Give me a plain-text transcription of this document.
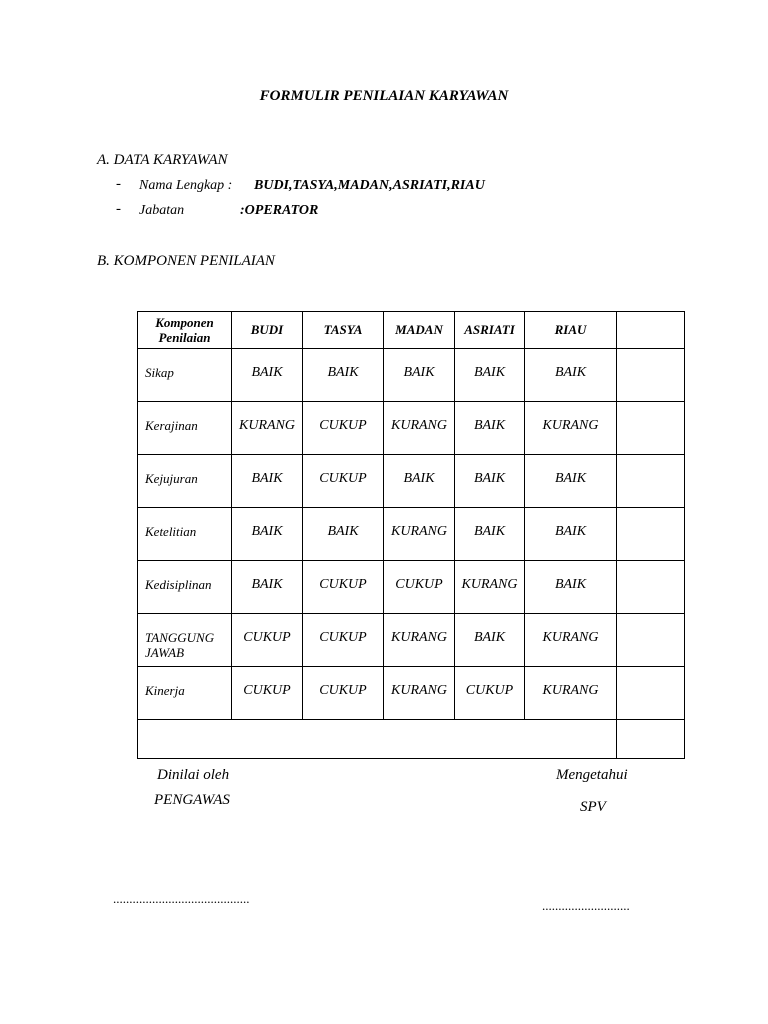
FORMULIR PENILAIAN KARYAWAN
A. DATA KARYAWAN
- Nama Lengkap : BUDI,TASYA,MADAN,ASRIATI,RIAU
- Jabatan	:OPERATOR
B. KOMPONEN PENILAIAN
Komponen
Penilaian	BUDI	TASYA	MADAN	ASRIATI	RIAU	
Sikap	BAIK	BAIK	BAIK	BAIK	BAIK	
Kerajinan	KURANG	CUKUP	KURANG	BAIK	KURANG	
Kejujuran	BAIK	CUKUP	BAIK	BAIK	BAIK	
Ketelitian	BAIK	BAIK	KURANG	BAIK	BAIK	
Kedisiplinan	BAIK	CUKUP	CUKUP	KURANG	BAIK	
TANGGUNG JAWAB	CUKUP	CUKUP	KURANG	BAIK	KURANG	
Kinerja	CUKUP	CUKUP	KURANG	CUKUP	KURANG	

Dinilai oleh
PENGAWAS
..........................................
Mengetahui
SPV
...........................
